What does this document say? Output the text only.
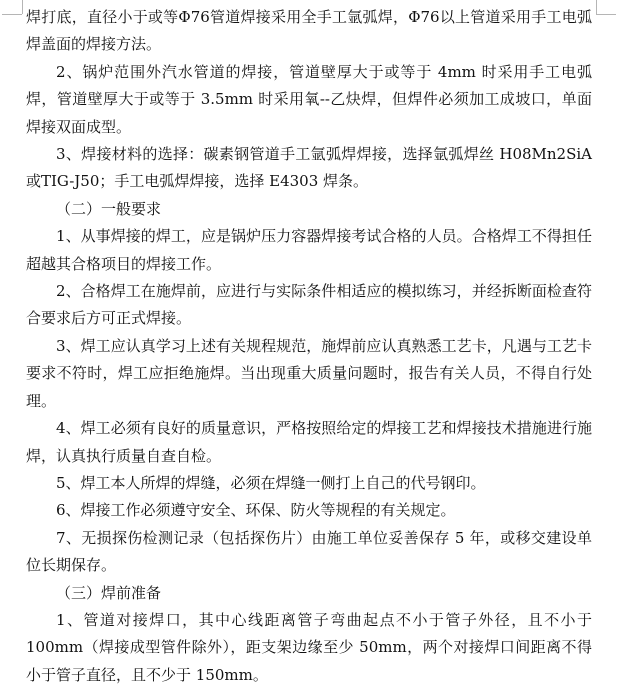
焊打底，直径小于或等Φ76管道焊接采用全手工氩弧焊，Φ76以上管道采用手工电弧焊盖面的焊接方法。

2、锅炉范围外汽水管道的焊接，管道壁厚大于或等于 4mm 时采用手工电弧焊，管道壁厚大于或等于 3.5mm 时采用氧--乙炔焊，但焊件必须加工成坡口，单面焊接双面成型。

3、焊接材料的选择：碳素钢管道手工氩弧焊焊接，选择氩弧焊丝 H08Mn2SiA 或TIG-J50；手工电弧焊焊接，选择 E4303 焊条。

（二）一般要求

1、从事焊接的焊工，应是锅炉压力容器焊接考试合格的人员。合格焊工不得担任超越其合格项目的焊接工作。

2、合格焊工在施焊前，应进行与实际条件相适应的模拟练习，并经拆断面检查符合要求后方可正式焊接。

3、焊工应认真学习上述有关规程规范，施焊前应认真熟悉工艺卡，凡遇与工艺卡要求不符时，焊工应拒绝施焊。当出现重大质量问题时，报告有关人员，不得自行处理。

4、焊工必须有良好的质量意识，严格按照给定的焊接工艺和焊接技术措施进行施焊，认真执行质量自查自检。

5、焊工本人所焊的焊缝，必须在焊缝一侧打上自己的代号钢印。

6、焊接工作必须遵守安全、环保、防火等规程的有关规定。

7、无损探伤检测记录（包括探伤片）由施工单位妥善保存 5 年，或移交建设单位长期保存。

（三）焊前准备

1、管道对接焊口，其中心线距离管子弯曲起点不小于管子外径，且不小于 100mm（焊接成型管件除外），距支架边缘至少 50mm，两个对接焊口间距离不得小于管子直径，且不少于 150mm。
